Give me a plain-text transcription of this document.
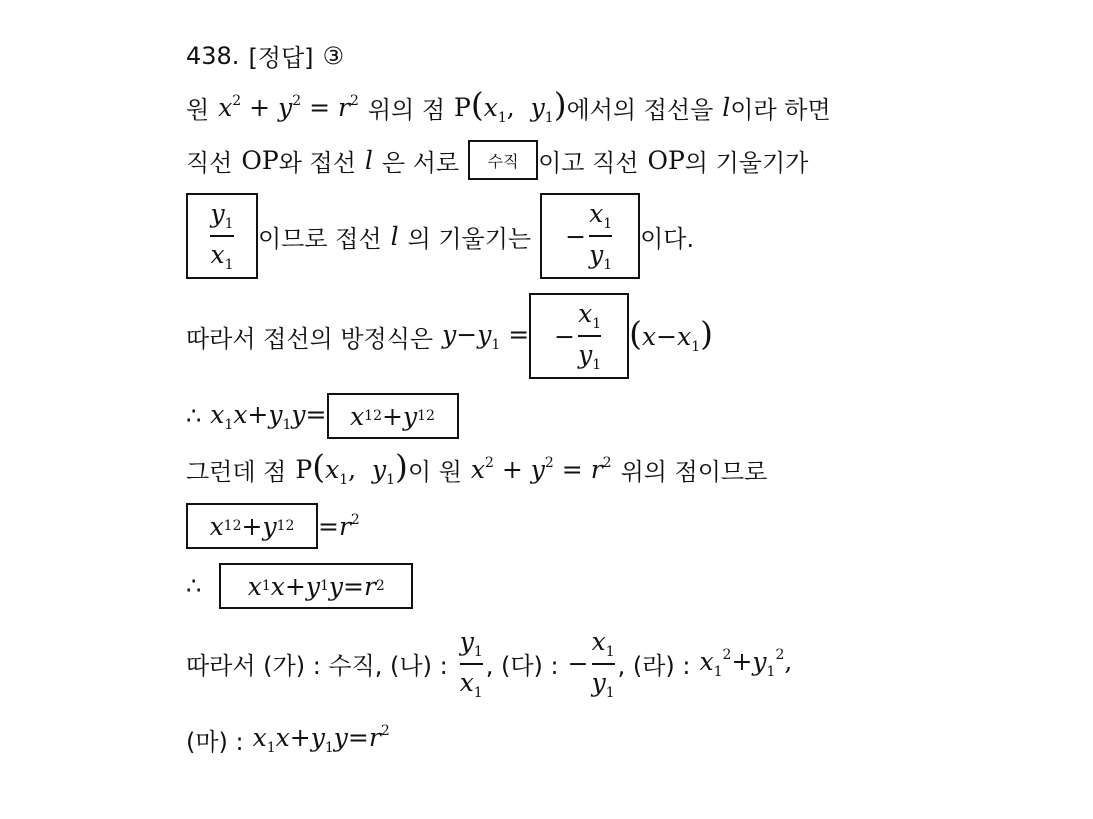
438. [정답] ③
원 $x^2 + y^2 = r^2$ 위의 점 $P(x_1$, $y_1$) 에서의 접선을 l 이라 하면
직선 OP 와 접선 l 은 서로	수직 이고 직선 OP 의 기울기가
$\frac{y_1}{x_1}$ 이므로 접선 l 의 기울기는 − $\frac{x_1}{y_1}$ 이다.
따라서 접선의 방정식은 $y-y_1$ = − $\frac{x_1}{y_1} (x-x_1)$
∴ $x_1x+y_1y= x$ 1 2 + y 1 2
그런데 점 $P(x_1$, $y_1$) 이 원 $x^2 + y^2 = r^2$ 위의 점이므로
x 1 2 + y 1 $2 =r^2$
∴ x 1 x + y 1 y = r 2
따라서 (가) : 수직, (나) : $\frac{y_1}{x_1}$ , (다) : − $\frac{x_1}{y_1}$ , (라) : $x_1^2+y_1^2$,
(마) : $x_1x+y_1y=r^2$
